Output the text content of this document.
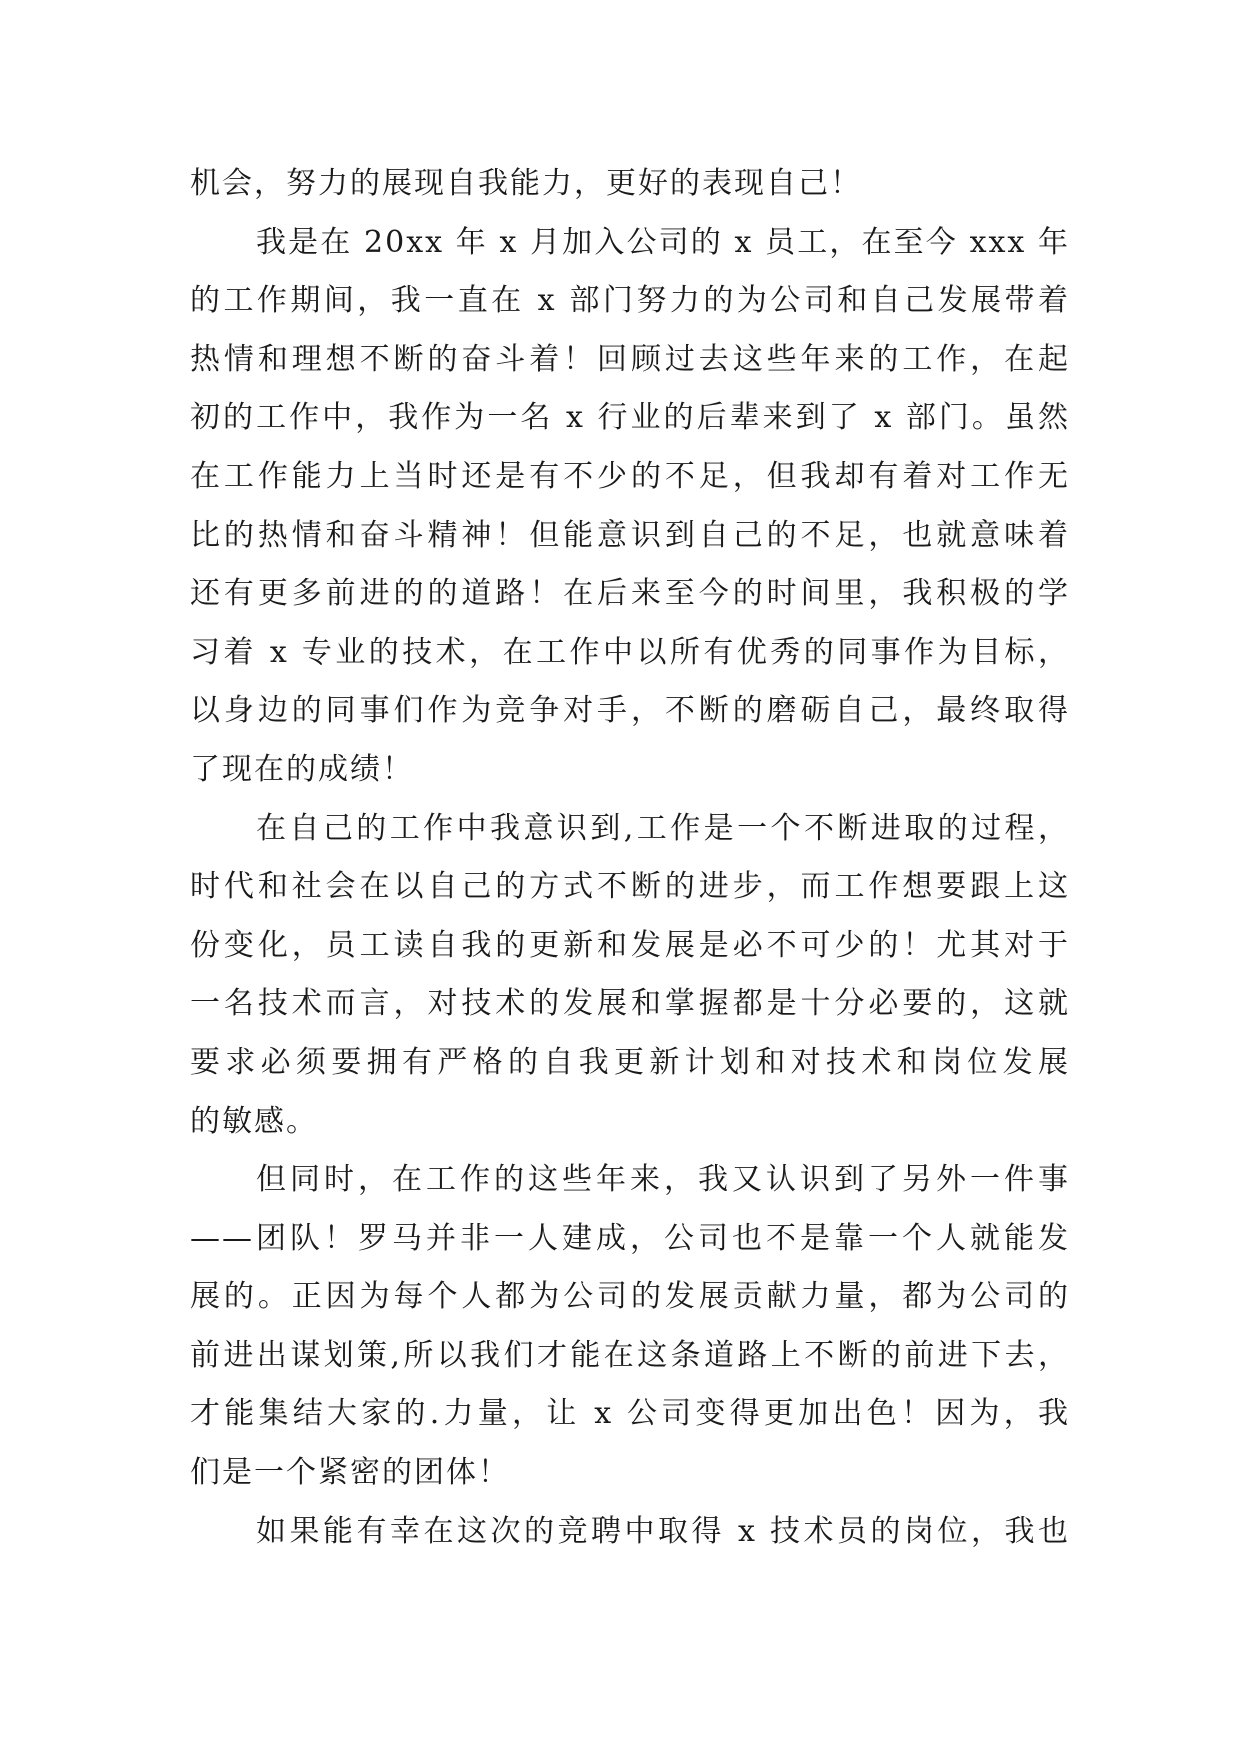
机会，努力的展现自我能力，更好的表现自己！
我是在 20xx 年 x 月加入公司的 x 员工，在至今 xxx 年
的工作期间，我一直在 x 部门努力的为公司和自己发展带着
热情和理想不断的奋斗着！回顾过去这些年来的工作，在起
初的工作中，我作为一名 x 行业的后辈来到了 x 部门。虽然
在工作能力上当时还是有不少的不足，但我却有着对工作无
比的热情和奋斗精神！但能意识到自己的不足，也就意味着
还有更多前进的的道路！在后来至今的时间里，我积极的学
习着 x 专业的技术，在工作中以所有优秀的同事作为目标，
以身边的同事们作为竞争对手，不断的磨砺自己，最终取得
了现在的成绩！
在自己的工作中我意识到,工作是一个不断进取的过程，
时代和社会在以自己的方式不断的进步，而工作想要跟上这
份变化，员工读自我的更新和发展是必不可少的！尤其对于
一名技术而言，对技术的发展和掌握都是十分必要的，这就
要求必须要拥有严格的自我更新计划和对技术和岗位发展
的敏感。
但同时，在工作的这些年来，我又认识到了另外一件事
——团队！罗马并非一人建成，公司也不是靠一个人就能发
展的。正因为每个人都为公司的发展贡献力量，都为公司的
前进出谋划策,所以我们才能在这条道路上不断的前进下去，
才能集结大家的.力量，让 x 公司变得更加出色！因为，我
们是一个紧密的团体！
如果能有幸在这次的竞聘中取得 x 技术员的岗位，我也
